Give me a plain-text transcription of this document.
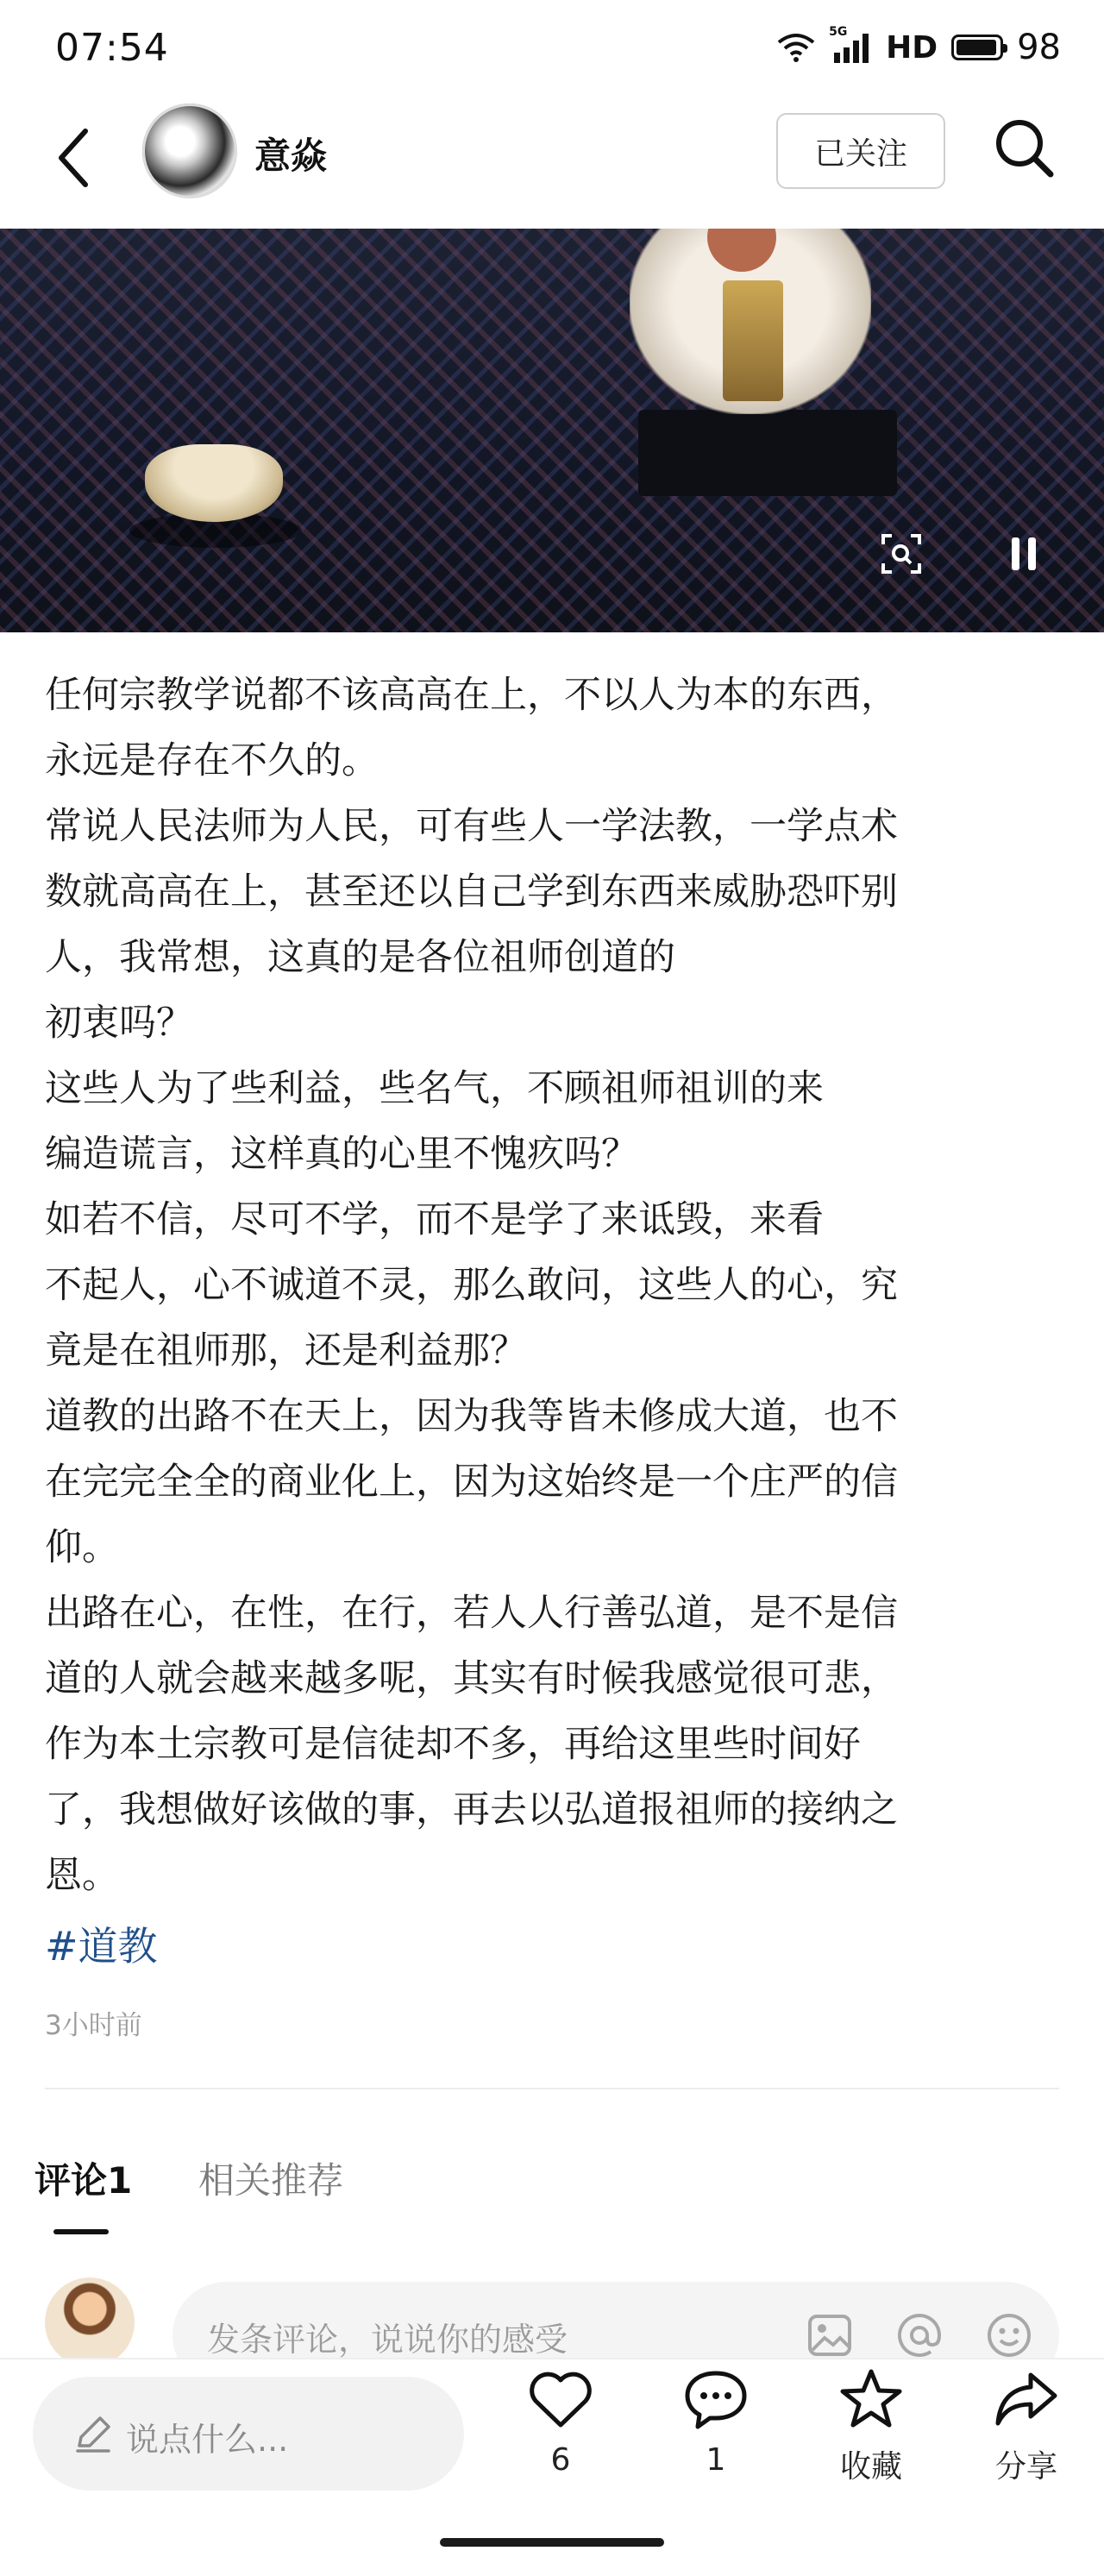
07:54	5G HD 98
意焱	已关注

任何宗教学说都不该高高在上，不以人为本的东西，

永远是存在不久的。

常说人民法师为人民，可有些人一学法教，一学点术

数就高高在上，甚至还以自己学到东西来威胁恐吓别

人，我常想，这真的是各位祖师创道的

初衷吗？

这些人为了些利益，些名气，不顾祖师祖训的来

编造谎言，这样真的心里不愧疚吗？

如若不信，尽可不学，而不是学了来诋毁，来看

不起人，心不诚道不灵，那么敢问，这些人的心，究

竟是在祖师那，还是利益那？

道教的出路不在天上，因为我等皆未修成大道，也不

在完完全全的商业化上，因为这始终是一个庄严的信

仰。

出路在心，在性，在行，若人人行善弘道，是不是信

道的人就会越来越多呢，其实有时候我感觉很可悲，

作为本土宗教可是信徒却不多，再给这里些时间好

了，我想做好该做的事，再去以弘道报祖师的接纳之

恩。

#道教
3小时前
评论1 相关推荐
发条评论，说说你的感受
说点什么...
6	1	收藏	分享
